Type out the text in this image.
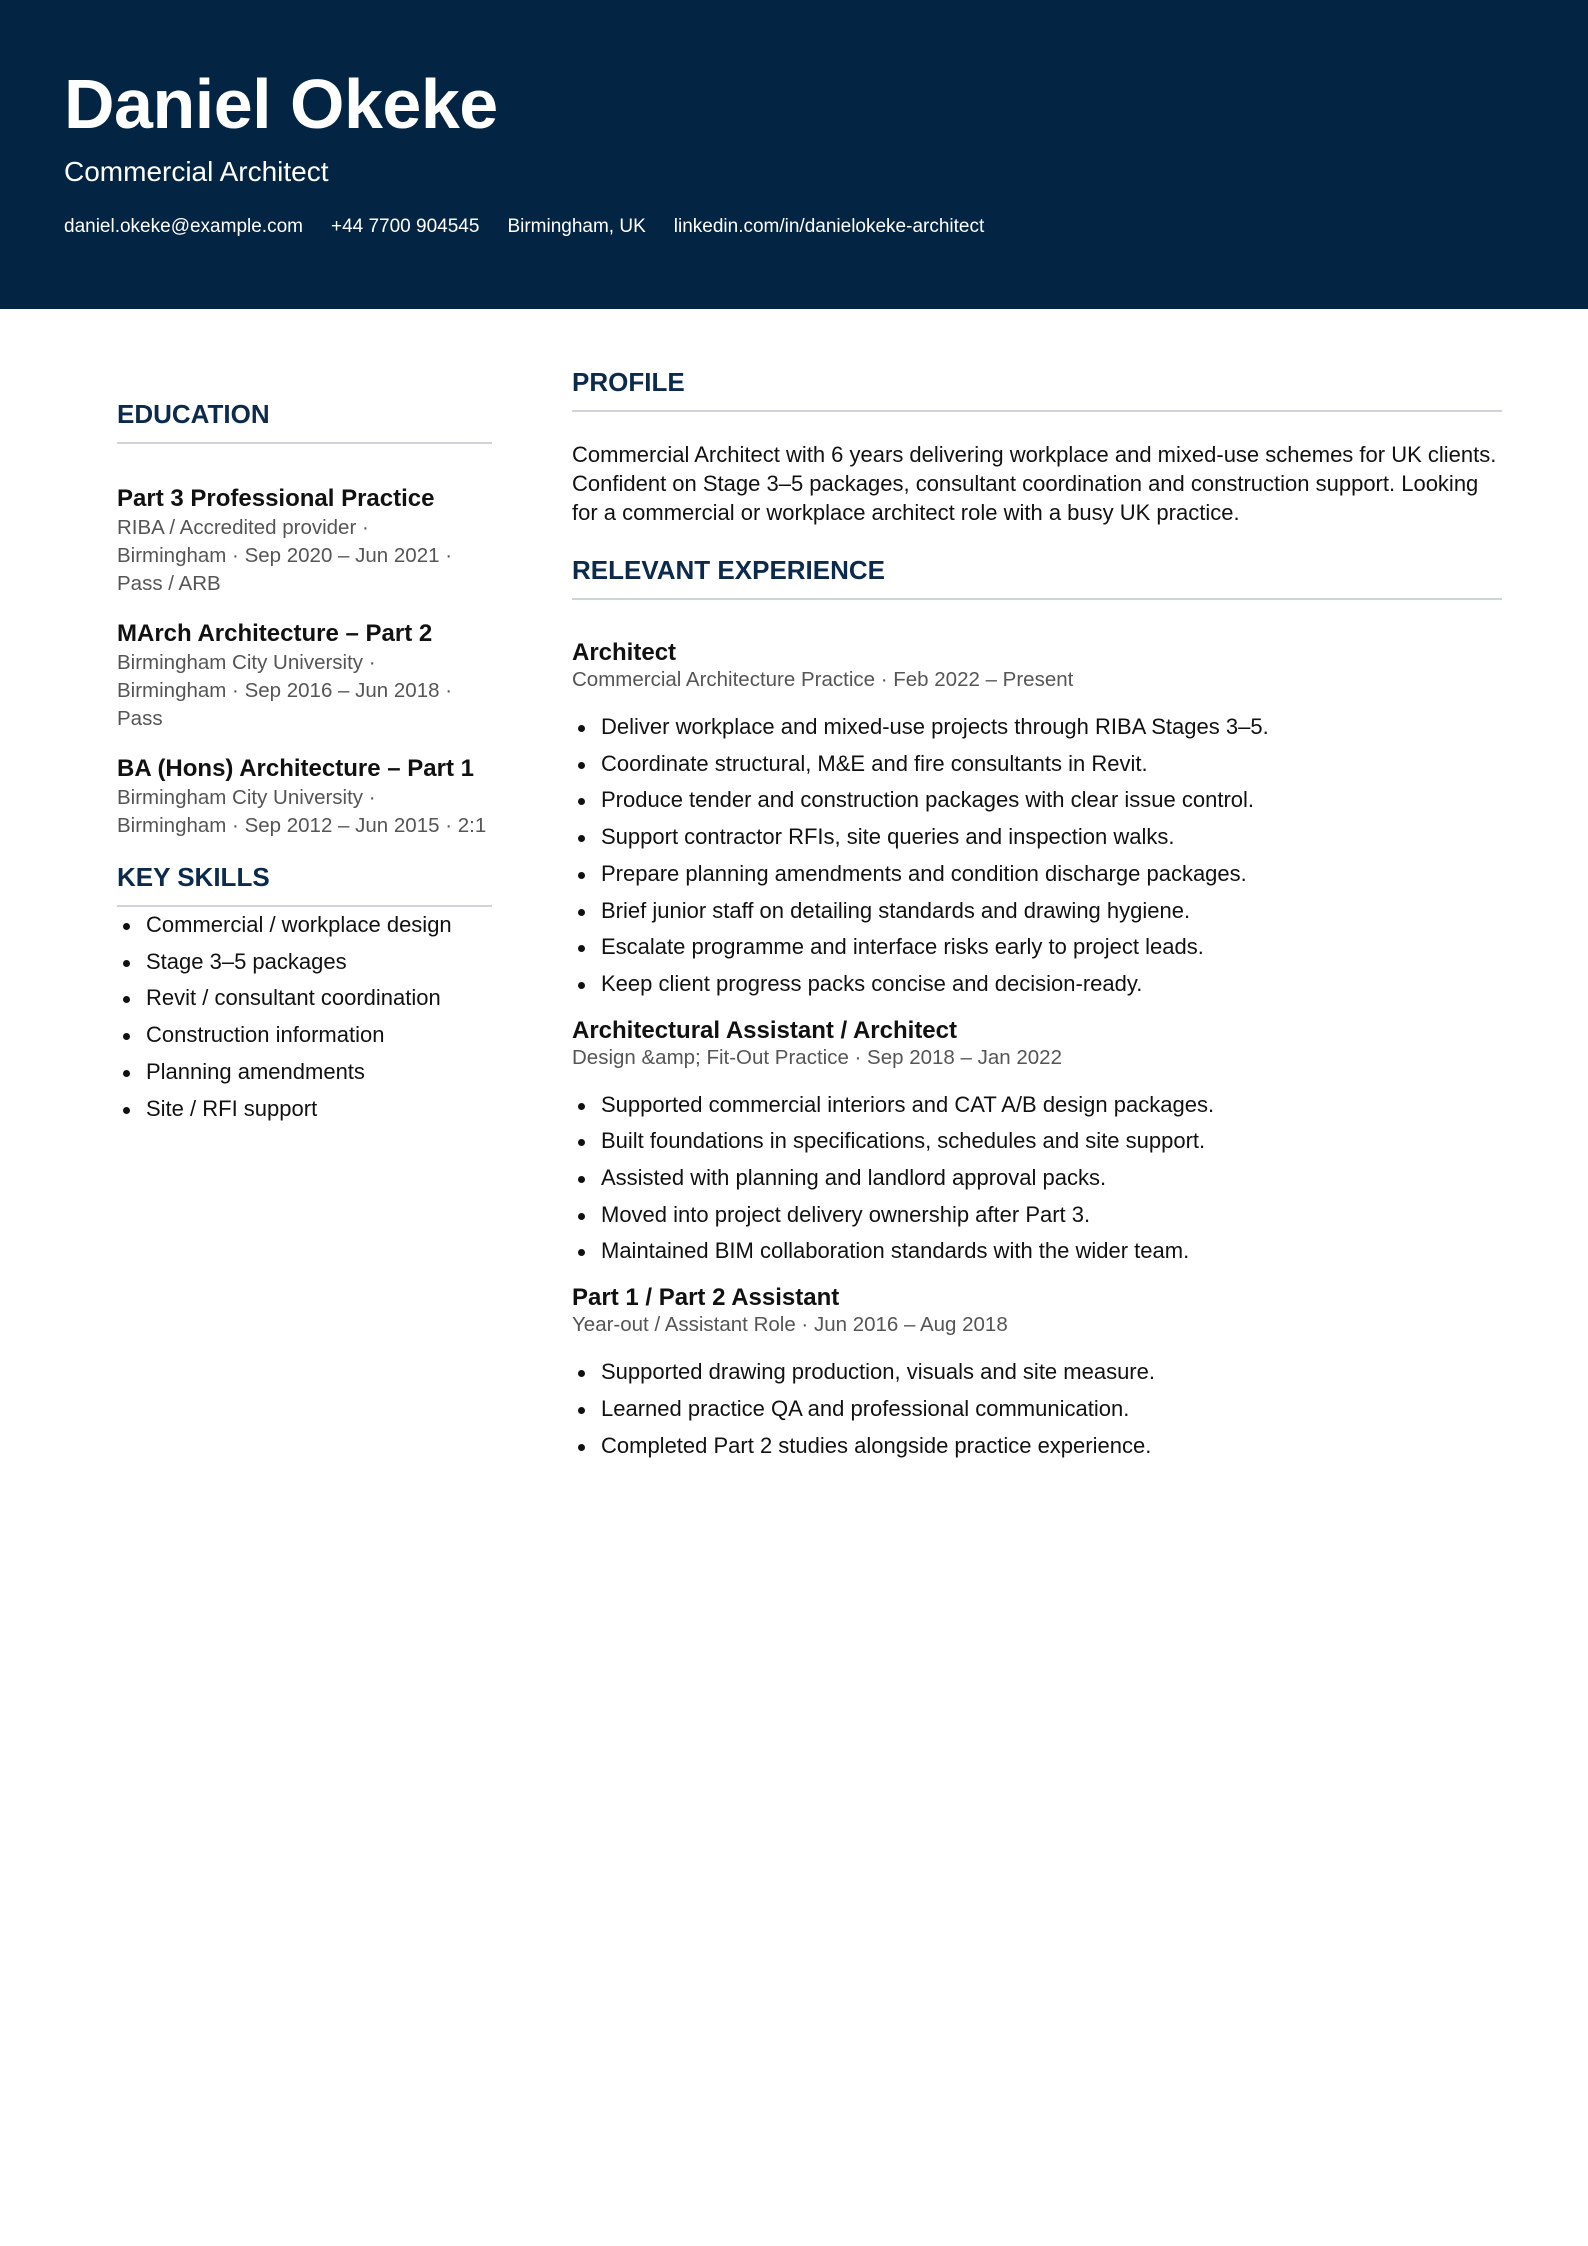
Daniel Okeke
Commercial Architect
daniel.okeke@example.com +44 7700 904545 Birmingham, UK linkedin.com/in/danielokeke-architect
EDUCATION
Part 3 Professional Practice
RIBA / Accredited provider ·
Birmingham · Sep 2020 – Jun 2021 ·
Pass / ARB
MArch Architecture – Part 2
Birmingham City University ·
Birmingham · Sep 2016 – Jun 2018 ·
Pass
BA (Hons) Architecture – Part 1
Birmingham City University ·
Birmingham · Sep 2012 – Jun 2015 · 2:1
KEY SKILLS
Commercial / workplace design
Stage 3–5 packages
Revit / consultant coordination
Construction information
Planning amendments
Site / RFI support
PROFILE
Commercial Architect with 6 years delivering workplace and mixed-use schemes for UK clients. Confident on Stage 3–5 packages, consultant coordination and construction support. Looking for a commercial or workplace architect role with a busy UK practice.
RELEVANT EXPERIENCE
Architect
Commercial Architecture Practice · Feb 2022 – Present
Deliver workplace and mixed-use projects through RIBA Stages 3–5.
Coordinate structural, M&E and fire consultants in Revit.
Produce tender and construction packages with clear issue control.
Support contractor RFIs, site queries and inspection walks.
Prepare planning amendments and condition discharge packages.
Brief junior staff on detailing standards and drawing hygiene.
Escalate programme and interface risks early to project leads.
Keep client progress packs concise and decision-ready.
Architectural Assistant / Architect
Design &amp; Fit-Out Practice · Sep 2018 – Jan 2022
Supported commercial interiors and CAT A/B design packages.
Built foundations in specifications, schedules and site support.
Assisted with planning and landlord approval packs.
Moved into project delivery ownership after Part 3.
Maintained BIM collaboration standards with the wider team.
Part 1 / Part 2 Assistant
Year-out / Assistant Role · Jun 2016 – Aug 2018
Supported drawing production, visuals and site measure.
Learned practice QA and professional communication.
Completed Part 2 studies alongside practice experience.
